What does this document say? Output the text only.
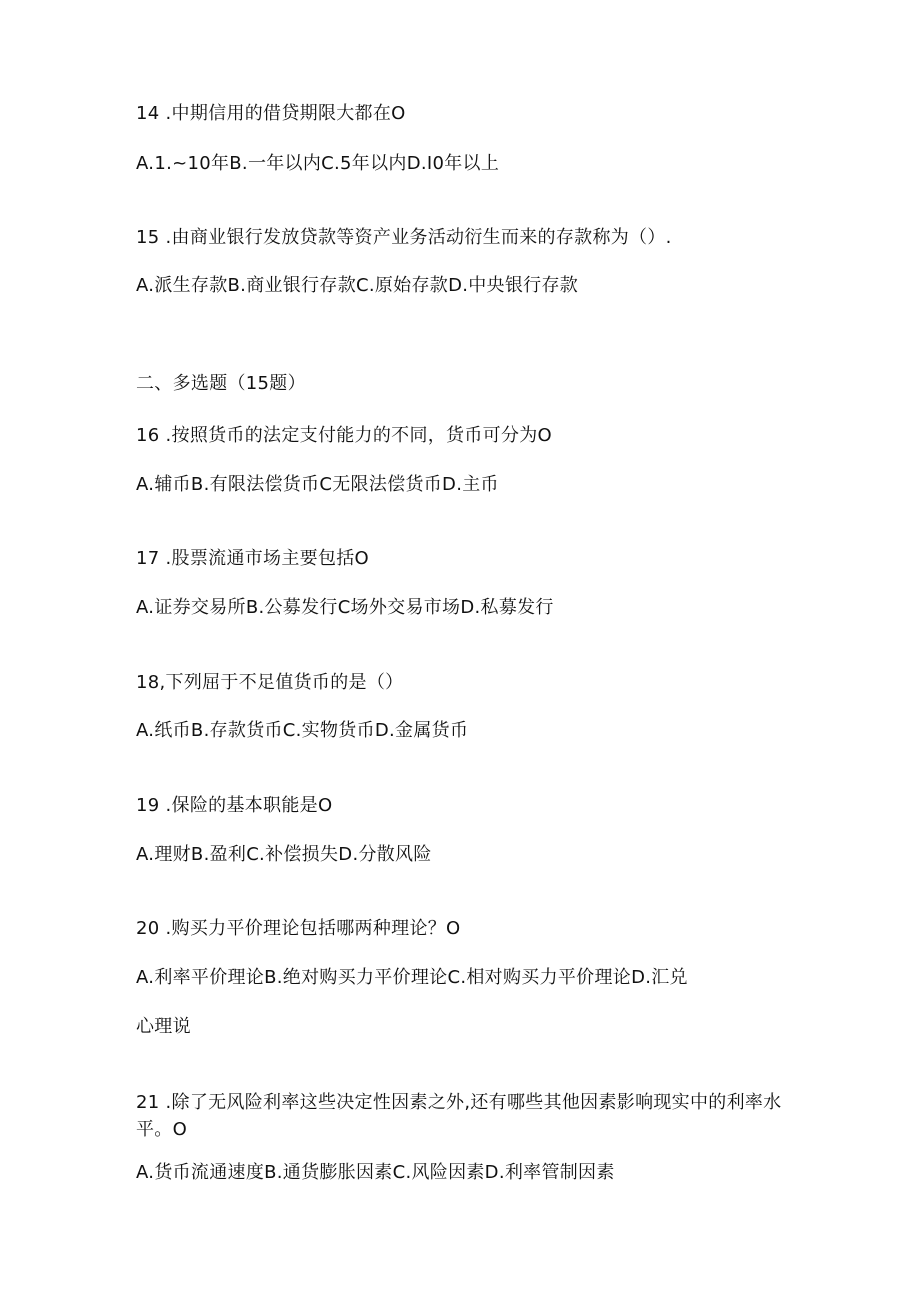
14 .中期信用的借贷期限大都在O
A.1.~10年B.一年以内C.5年以内D.I0年以上
15 .由商业银行发放贷款等资产业务活动衍生而来的存款称为（）.
A.派生存款B.商业银行存款C.原始存款D.中央银行存款
二、多选题（15题）
16 .按照货币的法定支付能力的不同，货币可分为O
A.辅币B.有限法偿货币C无限法偿货币D.主币
17 .股票流通市场主要包括O
A.证券交易所B.公募发行C场外交易市场D.私募发行
18,下列屈于不足值货币的是（）
A.纸币B.存款货币C.实物货币D.金属货币
19 .保险的基本职能是O
A.理财B.盈利C.补偿损失D.分散风险
20 .购买力平价理论包括哪两种理论？O
A.利率平价理论B.绝对购买力平价理论C.相对购买力平价理论D.汇兑
心理说
21 .除了无风险利率这些决定性因素之外,还有哪些其他因素影响现实中的利率水平。O
A.货币流通速度B.通货膨胀因素C.风险因素D.利率管制因素
